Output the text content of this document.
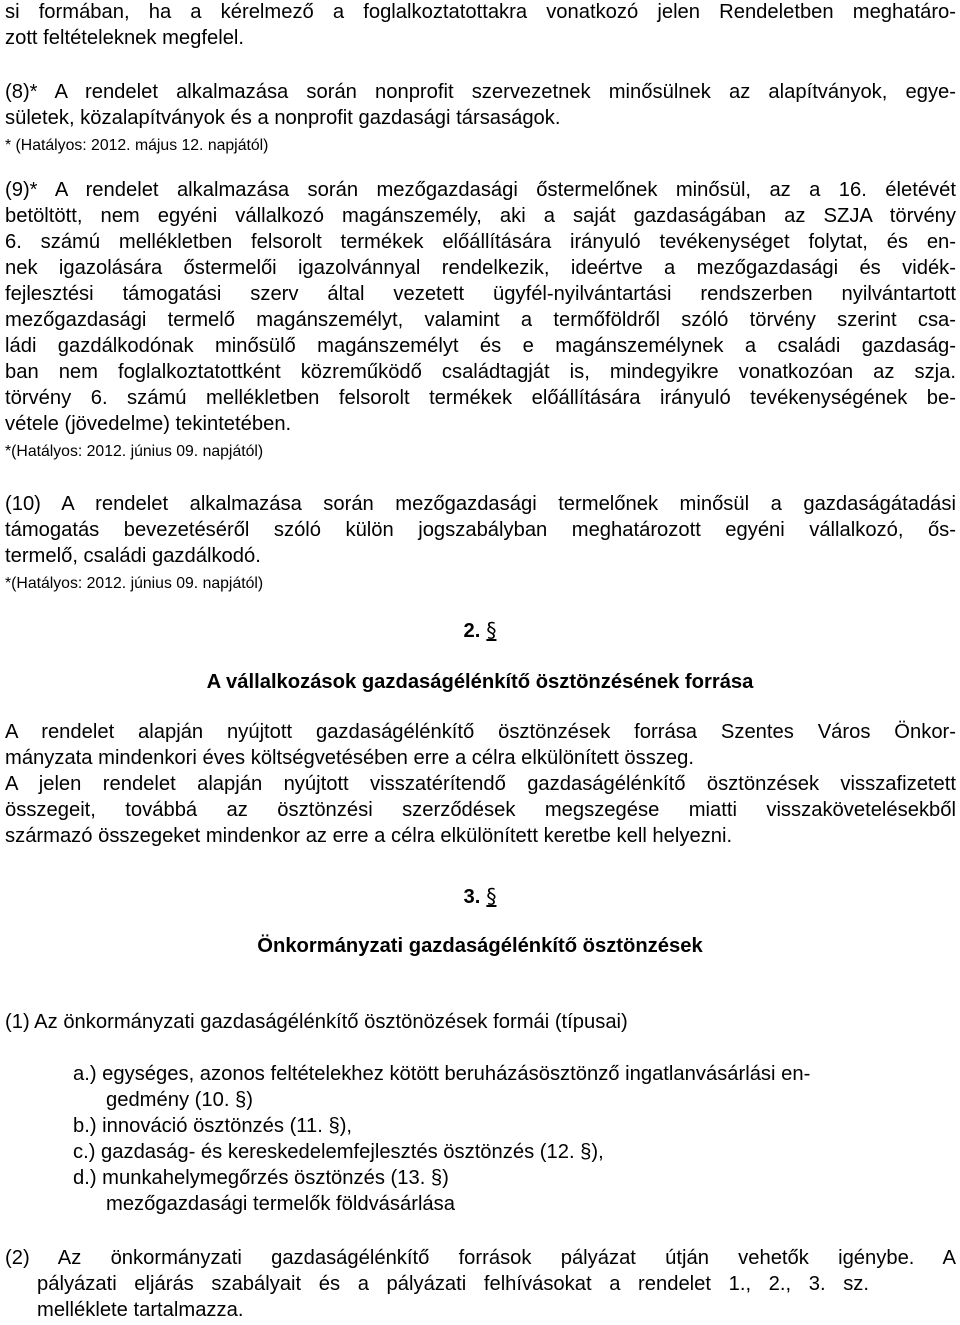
si formában, ha a kérelmező a foglalkoztatottakra vonatkozó jelen Rendeletben meghatáro-
zott feltételeknek megfelel.
(8)* A rendelet alkalmazása során nonprofit szervezetnek minősülnek az alapítványok, egye-
sületek, közalapítványok és a nonprofit gazdasági társaságok.
* (Hatályos: 2012. május 12. napjától)
(9)* A rendelet alkalmazása során mezőgazdasági őstermelőnek minősül, az a 16. életévét
betöltött, nem egyéni vállalkozó magánszemély, aki a saját gazdaságában az SZJA törvény
6. számú mellékletben felsorolt termékek előállítására irányuló tevékenységet folytat, és en-
nek igazolására őstermelői igazolvánnyal rendelkezik, ideértve a mezőgazdasági és vidék-
fejlesztési támogatási szerv által vezetett ügyfél-nyilvántartási rendszerben nyilvántartott
mezőgazdasági termelő magánszemélyt, valamint a termőföldről szóló törvény szerint csa-
ládi gazdálkodónak minősülő magánszemélyt és e magánszemélynek a családi gazdaság-
ban nem foglalkoztatottként közreműködő családtagját is, mindegyikre vonatkozóan az szja.
törvény 6. számú mellékletben felsorolt termékek előállítására irányuló tevékenységének be-
vétele (jövedelme) tekintetében.
*(Hatályos: 2012. június 09. napjától)
(10) A rendelet alkalmazása során mezőgazdasági termelőnek minősül a gazdaságátadási
támogatás bevezetéséről szóló külön jogszabályban meghatározott egyéni vállalkozó, ős-
termelő, családi gazdálkodó.
*(Hatályos: 2012. június 09. napjától)
2. §
A vállalkozások gazdaságélénkítő ösztönzésének forrása
A rendelet alapján nyújtott gazdaságélénkítő ösztönzések forrása Szentes Város Önkor-
mányzata mindenkori éves költségvetésében erre a célra elkülönített összeg.
A jelen rendelet alapján nyújtott visszatérítendő gazdaságélénkítő ösztönzések visszafizetett
összegeit, továbbá az ösztönzési szerződések megszegése miatti visszakövetelésekből
származó összegeket mindenkor az erre a célra elkülönített keretbe kell helyezni.
3. §
Önkormányzati gazdaságélénkítő ösztönzések
(1) Az önkormányzati gazdaságélénkítő ösztönözések formái (típusai)
a.) egységes, azonos feltételekhez kötött beruházásösztönző ingatlanvásárlási en-
gedmény (10. §)
b.) innováció ösztönzés (11. §),
c.) gazdaság- és kereskedelemfejlesztés ösztönzés (12. §),
d.) munkahelymegőrzés ösztönzés (13. §)
mezőgazdasági termelők földvásárlása
(2) Az önkormányzati gazdaságélénkítő források pályázat útján vehetők igénybe. A
pályázati eljárás szabályait és a pályázati felhívásokat a rendelet 1., 2., 3. sz.
melléklete tartalmazza.
